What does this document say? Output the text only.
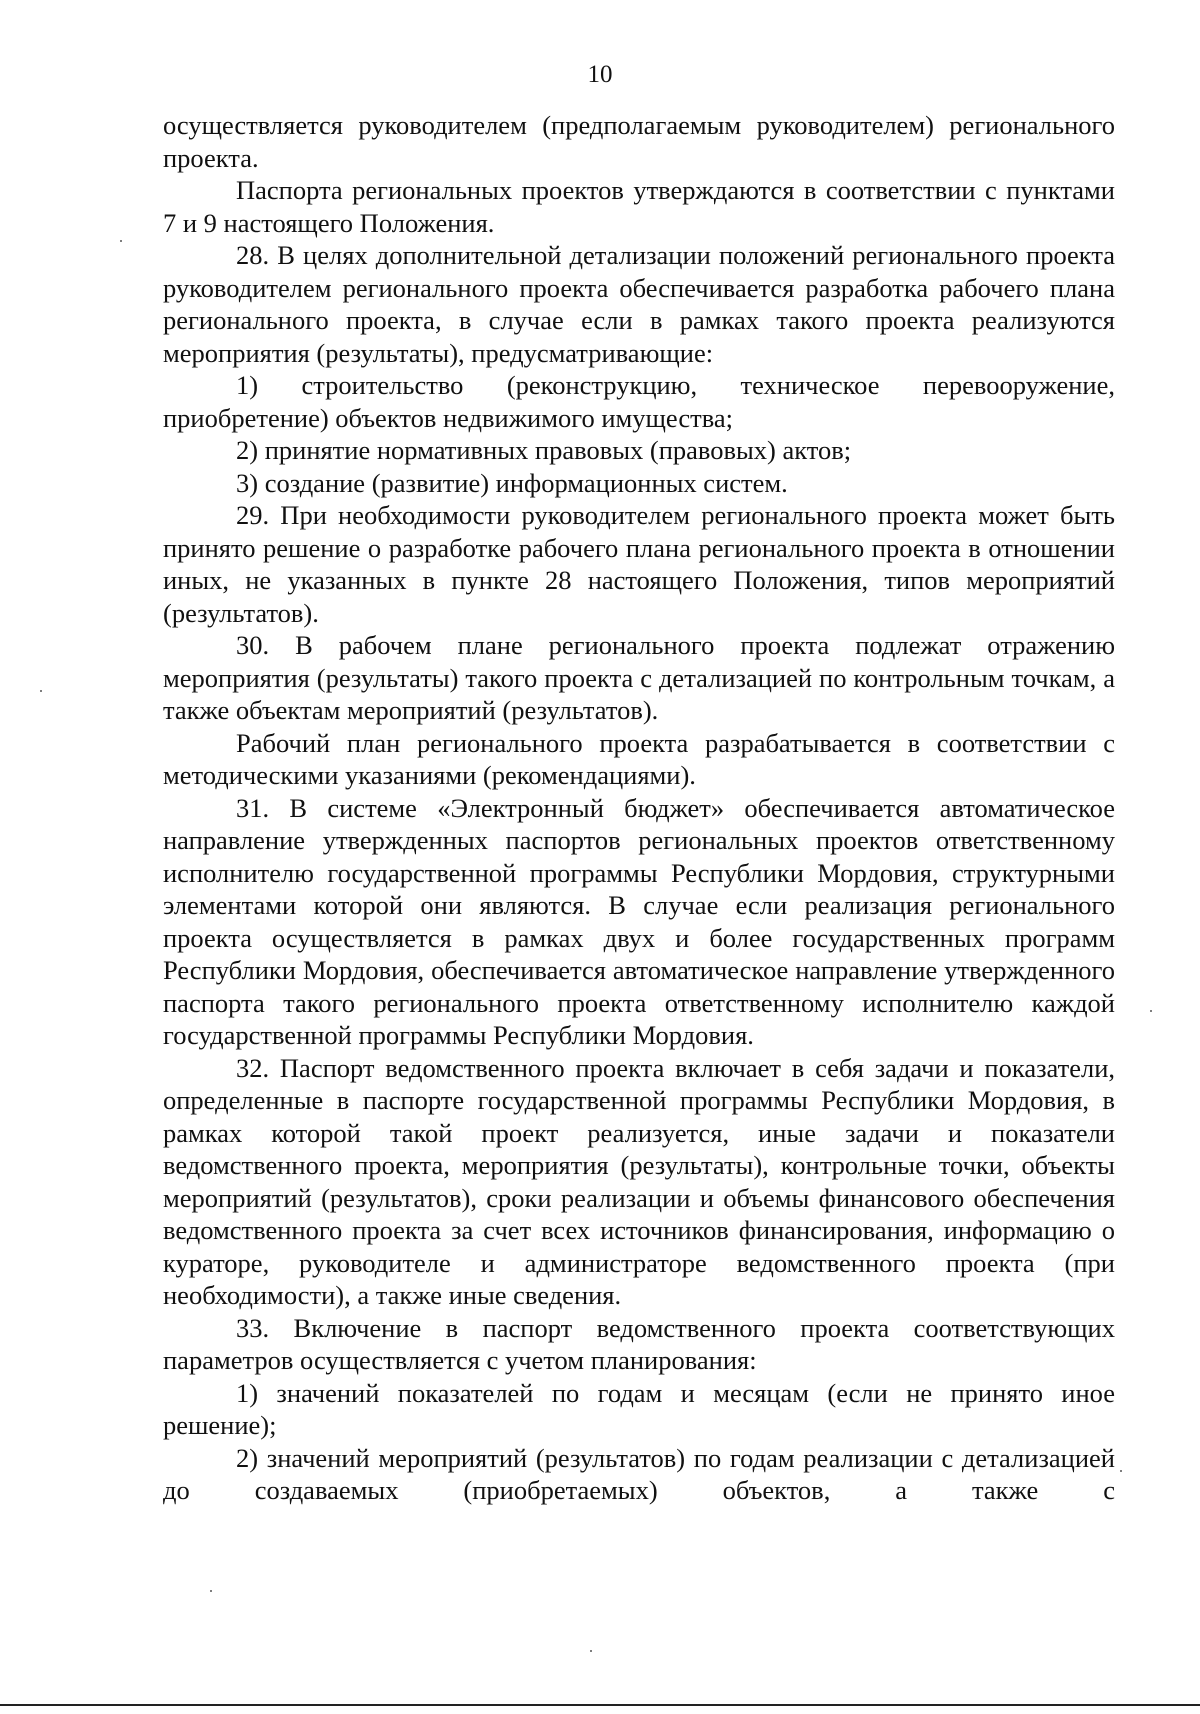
10

осуществляется руководителем (предполагаемым руководителем) регионального проекта.

Паспорта региональных проектов утверждаются в соответствии с пунктами 7 и 9 настоящего Положения.

28. В целях дополнительной детализации положений регионального проекта руководителем регионального проекта обеспечивается разработка рабочего плана регионального проекта, в случае если в рамках такого проекта реализуются мероприятия (результаты), предусматривающие:

1) строительство (реконструкцию, техническое перевооружение, приобретение) объектов недвижимого имущества;

2) принятие нормативных правовых (правовых) актов;

3) создание (развитие) информационных систем.

29. При необходимости руководителем регионального проекта может быть принято решение о разработке рабочего плана регионального проекта в отношении иных, не указанных в пункте 28 настоящего Положения, типов мероприятий (результатов).

30. В рабочем плане регионального проекта подлежат отражению мероприятия (результаты) такого проекта с детализацией по контрольным точкам, а также объектам мероприятий (результатов).

Рабочий план регионального проекта разрабатывается в соответствии с методическими указаниями (рекомендациями).

31. В системе «Электронный бюджет» обеспечивается автоматическое направление утвержденных паспортов региональных проектов ответственному исполнителю государственной программы Республики Мордовия, структурными элементами которой они являются. В случае если реализация регионального проекта осуществляется в рамках двух и более государственных программ Республики Мордовия, обеспечивается автоматическое направление утвержденного паспорта такого регионального проекта ответственному исполнителю каждой государственной программы Республики Мордовия.

32. Паспорт ведомственного проекта включает в себя задачи и показатели, определенные в паспорте государственной программы Республики Мордовия, в рамках которой такой проект реализуется, иные задачи и показатели ведомственного проекта, мероприятия (результаты), контрольные точки, объекты мероприятий (результатов), сроки реализации и объемы финансового обеспечения ведомственного проекта за счет всех источников финансирования, информацию о кураторе, руководителе и администраторе ведомственного проекта (при необходимости), а также иные сведения.

33. Включение в паспорт ведомственного проекта соответствующих параметров осуществляется с учетом планирования:

1) значений показателей по годам и месяцам (если не принято иное решение);

2) значений мероприятий (результатов) по годам реализации с детализацией до создаваемых (приобретаемых) объектов, а также с
